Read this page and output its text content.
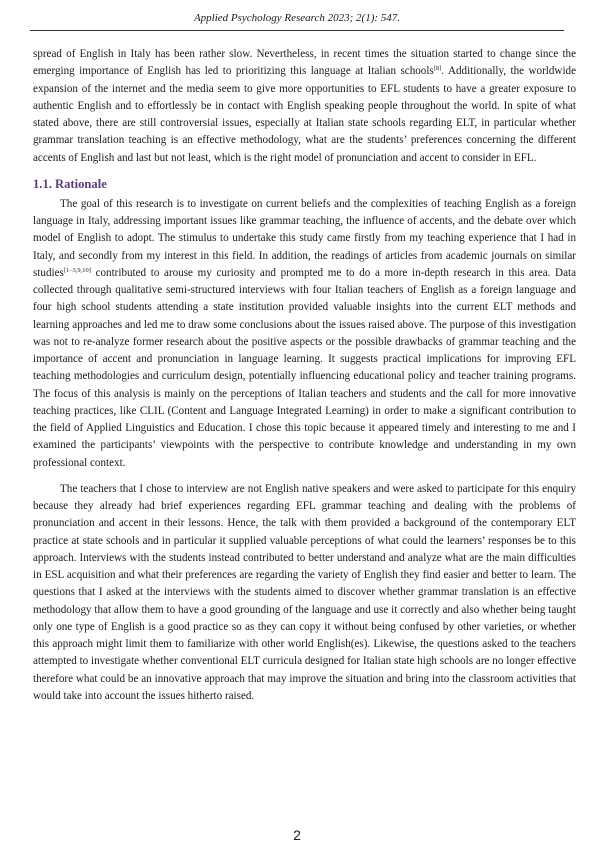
Applied Psychology Research 2023; 2(1): 547.

spread of English in Italy has been rather slow. Nevertheless, in recent times the situation started to change since the emerging importance of English has led to prioritizing this language at Italian schools[8]. Additionally, the worldwide expansion of the internet and the media seem to give more opportunities to EFL students to have a greater exposure to authentic English and to effortlessly be in contact with English speaking people throughout the world. In spite of what stated above, there are still controversial issues, especially at Italian state schools regarding ELT, in particular whether grammar translation teaching is an effective methodology, what are the students’ preferences concerning the different accents of English and last but not least, which is the right model of pronunciation and accent to consider in EFL.

1.1. Rationale

The goal of this research is to investigate on current beliefs and the complexities of teaching English as a foreign language in Italy, addressing important issues like grammar teaching, the influence of accents, and the debate over which model of English to adopt. The stimulus to undertake this study came firstly from my teaching experience that I had in Italy, and secondly from my interest in this field. In addition, the readings of articles from academic journals on similar studies[1–3,9,10] contributed to arouse my curiosity and prompted me to do a more in-depth research in this area. Data collected through qualitative semi-structured interviews with four Italian teachers of English as a foreign language and four high school students attending a state institution provided valuable insights into the current ELT methods and learning approaches and led me to draw some conclusions about the issues raised above. The purpose of this investigation was not to re-analyze former research about the positive aspects or the possible drawbacks of grammar teaching and the importance of accent and pronunciation in language learning. It suggests practical implications for improving EFL teaching methodologies and curriculum design, potentially influencing educational policy and teacher training programs. The focus of this analysis is mainly on the perceptions of Italian teachers and students and the call for more innovative teaching practices, like CLIL (Content and Language Integrated Learning) in order to make a significant contribution to the field of Applied Linguistics and Education. I chose this topic because it appeared timely and interesting to me and I examined the participants’ viewpoints with the perspective to contribute knowledge and understanding in my own professional context.

The teachers that I chose to interview are not English native speakers and were asked to participate for this enquiry because they already had brief experiences regarding EFL grammar teaching and dealing with the problems of pronunciation and accent in their lessons. Hence, the talk with them provided a background of the contemporary ELT practice at state schools and in particular it supplied valuable perceptions of what could the learners’ responses be to this approach. Interviews with the students instead contributed to better understand and analyze what are the main difficulties in ESL acquisition and what their preferences are regarding the variety of English they find easier and better to learn. The questions that I asked at the interviews with the students aimed to discover whether grammar translation is an effective methodology that allow them to have a good grounding of the language and use it correctly and also whether being taught only one type of English is a good practice so as they can copy it without being confused by other varieties, or whether this approach might limit them to familiarize with other world English(es). Likewise, the questions asked to the teachers attempted to investigate whether conventional ELT curricula designed for Italian state high schools are no longer effective therefore what could be an innovative approach that may improve the situation and bring into the classroom activities that would take into account the issues hitherto raised.

2
